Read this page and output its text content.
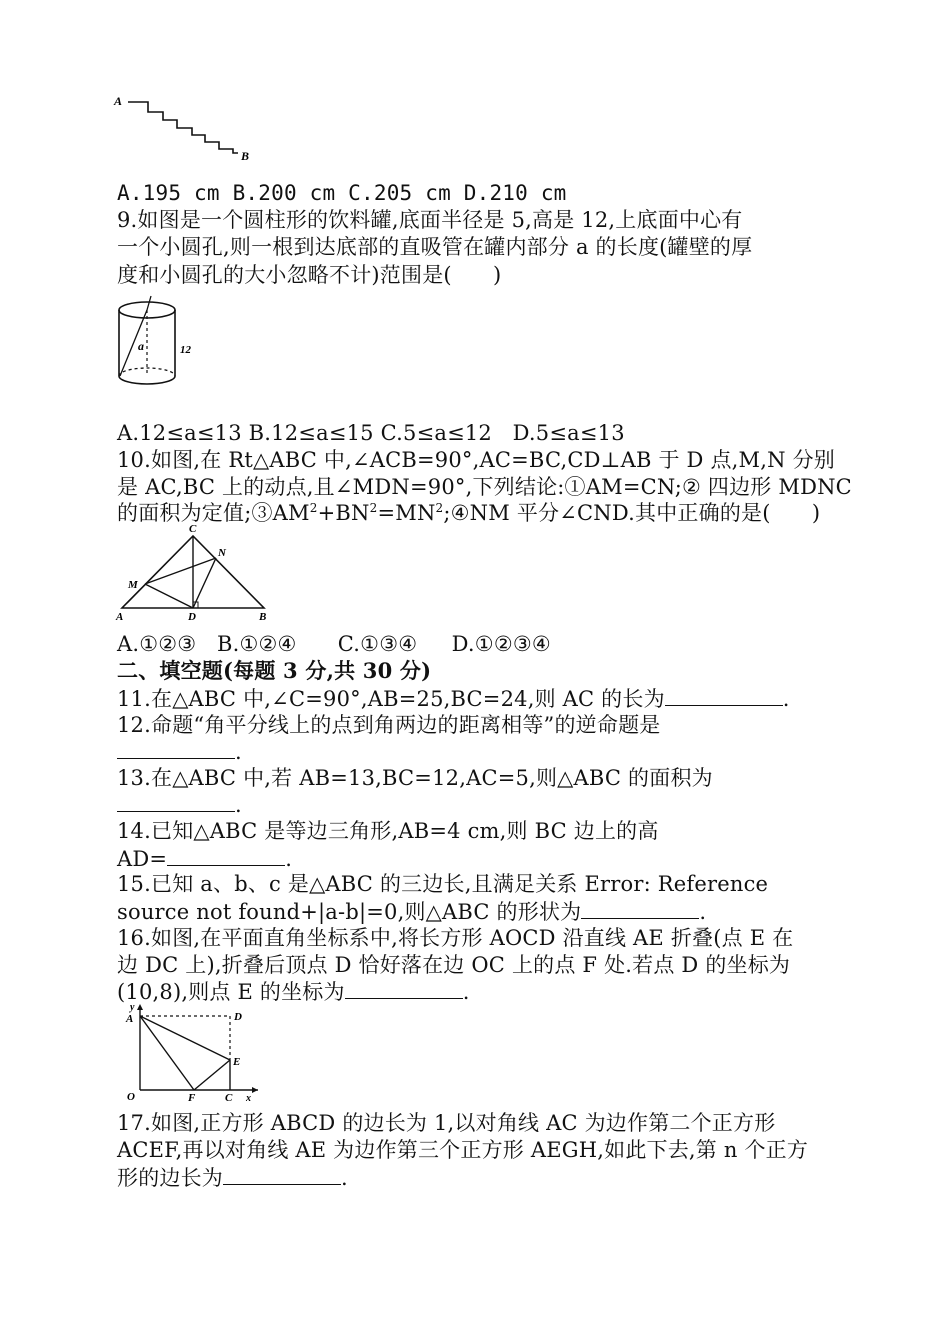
A
B
A.195 cm B.200 cm C.205 cm D.210 cm
9.如图是一个圆柱形的饮料罐,底面半径是 5,高是 12,上底面中心有
一个小圆孔,则一根到达底部的直吸管在罐内部分 a 的长度(罐壁的厚
度和小圆孔的大小忽略不计)范围是(      )
a	12
A.12≤a≤13 B.12≤a≤15 C.5≤a≤12   D.5≤a≤13
10.如图,在 Rt△ABC 中,∠ACB=90°,AC=BC,CD⊥AB 于 D 点,M,N 分别
是 AC,BC 上的动点,且∠MDN=90°,下列结论:①AM=CN;② 四边形 MDNC
的面积为定值$;③AM^2+BN^2=MN^2;④NM$ 平分∠CND.其中正确的是(      )
C
N
M
A	D	B
A.①②③   B.①②④      C.①③④     D.①②③④
二、填空题(每题 3 分,共 30 分)
11.在△ABC 中,∠C=90°,AB=25,BC=24,则 AC 的长为	.
12.命题“角平分线上的点到角两边的距离相等”的逆命题是
.
13.在△ABC 中,若 AB=13,BC=12,AC=5,则△ABC 的面积为
.
14.已知△ABC 是等边三角形,AB=4 cm,则 BC 边上的高
AD=	.
15.已知 a、b、c 是△ABC 的三边长,且满足关系 Error: Reference
source not found+|a-b|=0,则△ABC 的形状为	.
16.如图,在平面直角坐标系中,将长方形 AOCD 沿直线 AE 折叠(点 E 在
边 DC 上),折叠后顶点 D 恰好落在边 OC 上的点 F 处.若点 D 的坐标为
(10,8),则点 E 的坐标为	.
y
A	D
E
O	F	C x
17.如图,正方形 ABCD 的边长为 1,以对角线 AC 为边作第二个正方形
ACEF,再以对角线 AE 为边作第三个正方形 AEGH,如此下去,第 n 个正方
形的边长为	.
